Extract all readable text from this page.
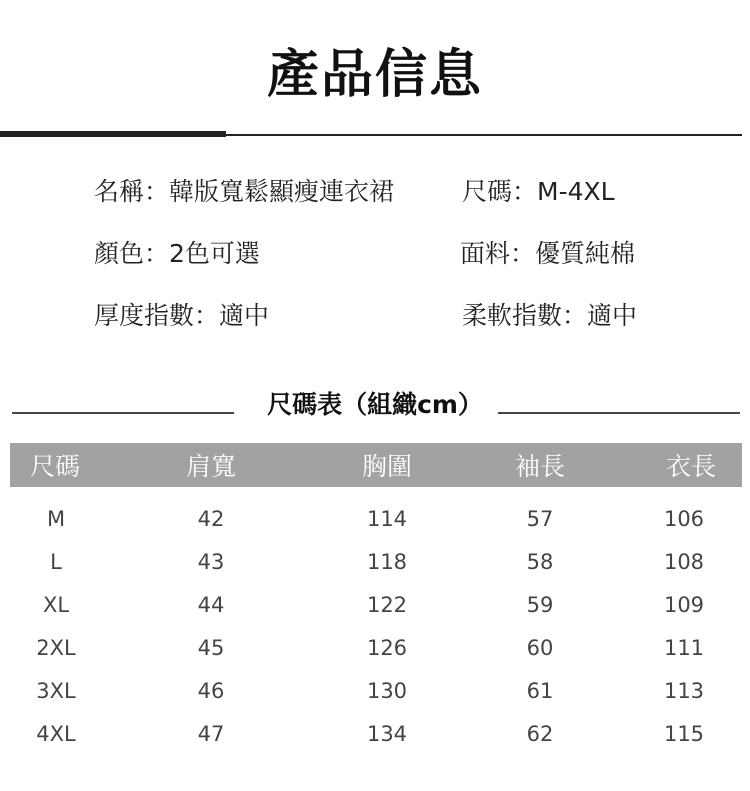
產品信息
名稱：韓版寬鬆顯瘦連衣裙	尺碼：M-4XL
顏色：2色可選	面料：優質純棉
厚度指數：適中	柔軟指數：適中
尺碼表（組織cm）
尺碼	肩寬	胸圍	袖長	衣長
M	42	114	57	106
L	43	118	58	108
XL	44	122	59	109
2XL	45	126	60	111
3XL	46	130	61	113
4XL	47	134	62	115
